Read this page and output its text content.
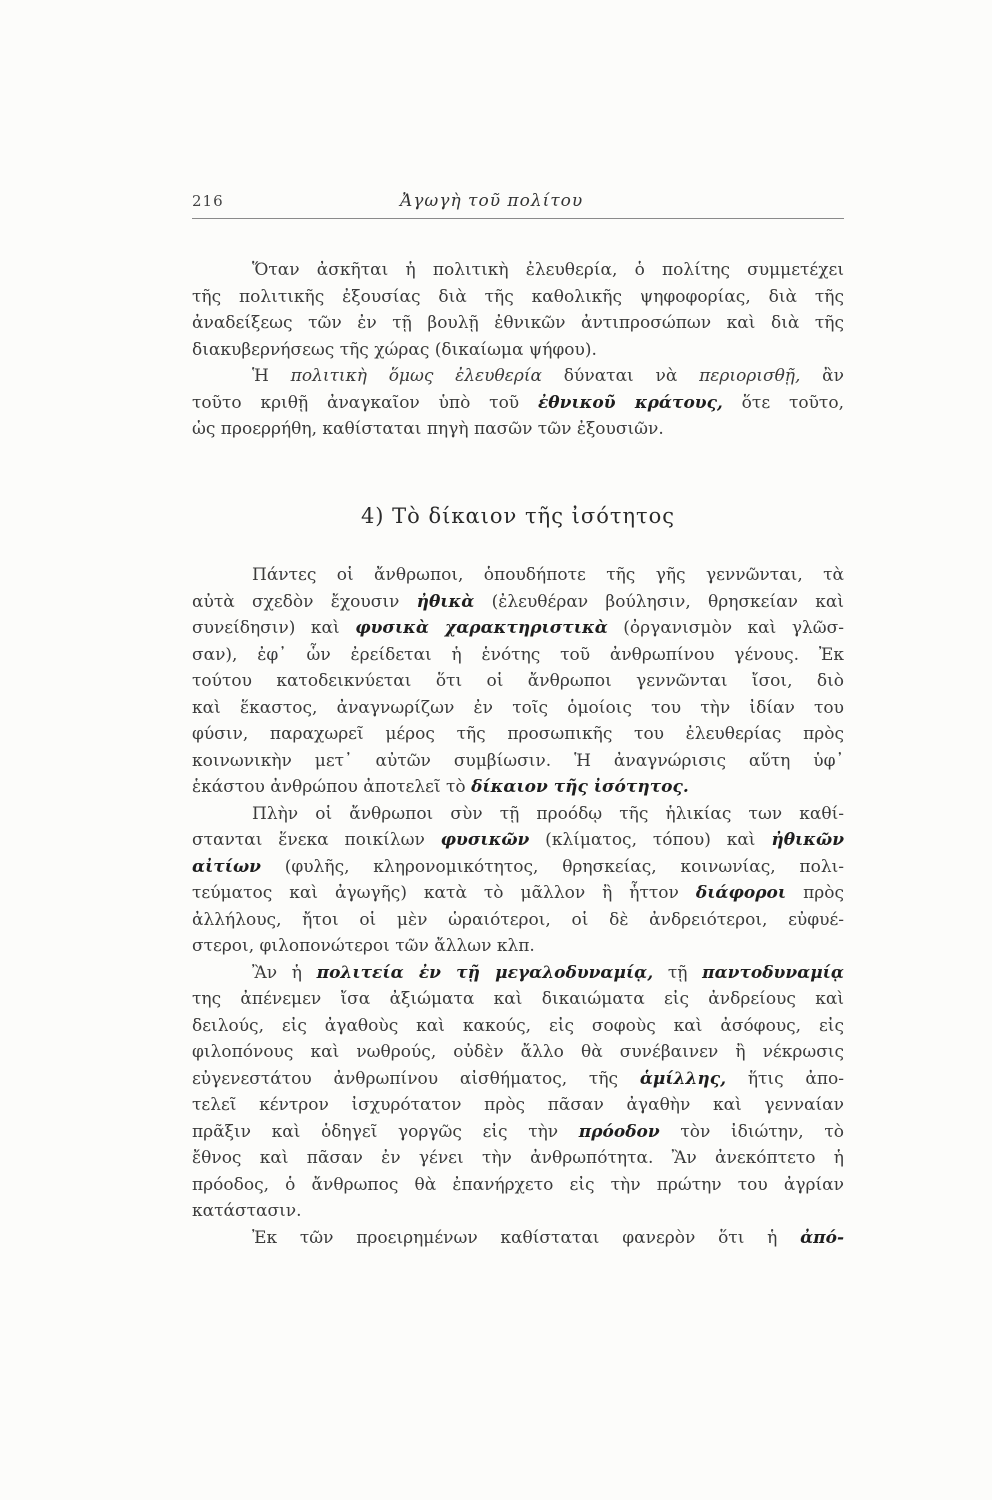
216	Ἀγωγὴ τοῦ πολίτου
Ὅταν ἀσκῆται ἡ πολιτικὴ ἐλευθερία, ὁ πολίτης συμμετέχει
τῆς πολιτικῆς ἐξουσίας διὰ τῆς καθολικῆς ψηφοφορίας, διὰ τῆς
ἀναδείξεως τῶν ἐν τῇ βουλῇ ἐθνικῶν ἀντιπροσώπων καὶ διὰ τῆς
διακυβερνήσεως τῆς χώρας (δικαίωμα ψήφου).
Ἡ πολιτικὴ ὅμως ἐλευθερία δύναται νὰ περιορισθῇ, ἂν
τοῦτο κριθῇ ἀναγκαῖον ὑπὸ τοῦ ἐθνικοῦ κράτους, ὅτε τοῦτο,
ὡς προερρήθη, καθίσταται πηγὴ πασῶν τῶν ἐξουσιῶν.
4) Τὸ δίκαιον τῆς ἰσότητος
Πάντες οἱ ἄνθρωποι, ὁπουδήποτε τῆς γῆς γεννῶνται, τὰ
αὐτὰ σχεδὸν ἔχουσιν ἠθικὰ (ἐλευθέραν βούλησιν, θρησκείαν καὶ
συνείδησιν) καὶ φυσικὰ χαρακτηριστικὰ (ὀργανισμὸν καὶ γλῶσ-
σαν), ἐφ᾿ ὧν ἐρείδεται ἡ ἑνότης τοῦ ἀνθρωπίνου γένους. Ἐκ
τούτου κατοδεικνύεται ὅτι οἱ ἄνθρωποι γεννῶνται ἴσοι, διὸ
καὶ ἕκαστος, ἀναγνωρίζων ἐν τοῖς ὁμοίοις του τὴν ἰδίαν του
φύσιν, παραχωρεῖ μέρος τῆς προσωπικῆς του ἐλευθερίας πρὸς
κοινωνικὴν μετ᾿ αὐτῶν συμβίωσιν. Ἡ ἀναγνώρισις αὕτη ὑφ᾿
ἑκάστου ἀνθρώπου ἀποτελεῖ τὸ δίκαιον τῆς ἰσότητος.
Πλὴν οἱ ἄνθρωποι σὺν τῇ προόδῳ τῆς ἡλικίας των καθί-
στανται ἕνεκα ποικίλων φυσικῶν (κλίματος, τόπου) καὶ ἠθικῶν
αἰτίων (φυλῆς, κληρονομικότητος, θρησκείας, κοινωνίας, πολι-
τεύματος καὶ ἀγωγῆς) κατὰ τὸ μᾶλλον ἢ ἧττον διάφοροι πρὸς
ἀλλήλους, ἤτοι οἱ μὲν ὡραιότεροι, οἱ δὲ ἀνδρειότεροι, εὐφυέ-
στεροι, φιλοπονώτεροι τῶν ἄλλων κλπ.
Ἂν ἡ πολιτεία ἐν τῇ μεγαλοδυναμίᾳ, τῇ παντοδυναμίᾳ
της ἀπένεμεν ἴσα ἀξιώματα καὶ δικαιώματα εἰς ἀνδρείους καὶ
δειλούς, εἰς ἀγαθοὺς καὶ κακούς, εἰς σοφοὺς καὶ ἀσόφους, εἰς
φιλοπόνους καὶ νωθρούς, οὐδὲν ἄλλο θὰ συνέβαινεν ἢ νέκρωσις
εὐγενεστάτου ἀνθρωπίνου αἰσθήματος, τῆς ἁμίλλης, ἥτις ἀπο-
τελεῖ κέντρον ἰσχυρότατον πρὸς πᾶσαν ἀγαθὴν καὶ γενναίαν
πρᾶξιν καὶ ὁδηγεῖ γοργῶς εἰς τὴν πρόοδον τὸν ἰδιώτην, τὸ
ἔθνος καὶ πᾶσαν ἐν γένει τὴν ἀνθρωπότητα. Ἂν ἀνεκόπτετο ἡ
πρόοδος, ὁ ἄνθρωπος θὰ ἐπανήρχετο εἰς τὴν πρώτην του ἀγρίαν
κατάστασιν.
Ἐκ τῶν προειρημένων καθίσταται φανερὸν ὅτι ἡ ἀπό-
